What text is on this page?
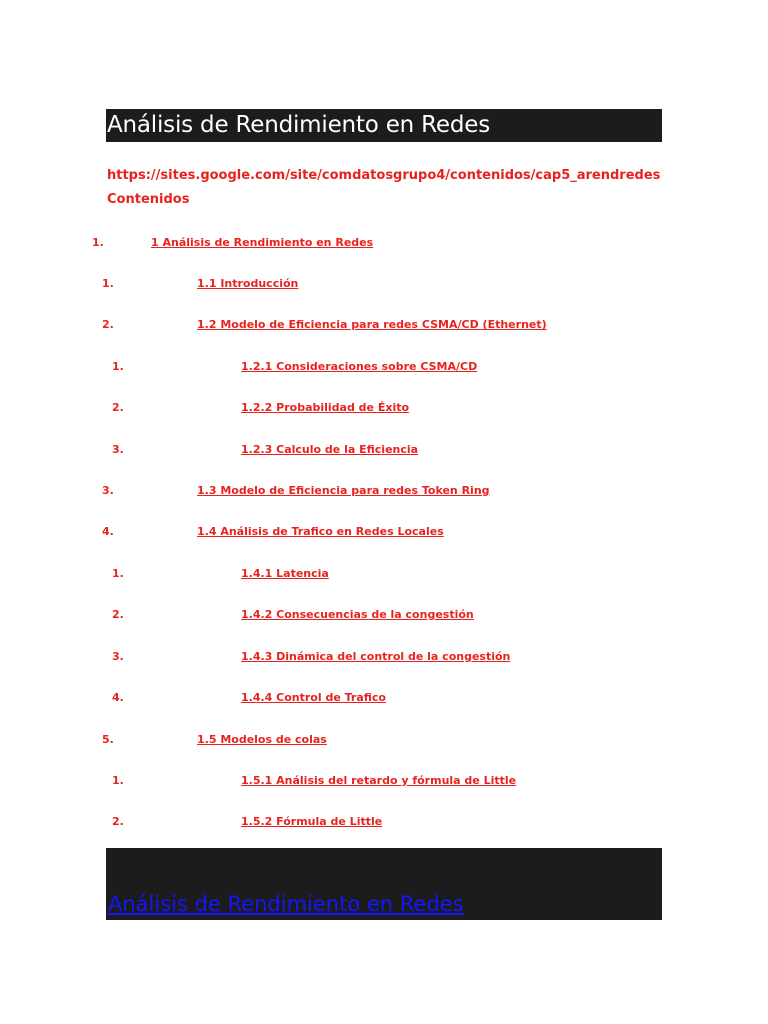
Análisis de Rendimiento en Redes
https://sites.google.com/site/comdatosgrupo4/contenidos/cap5_arendredes
Contenidos
1.	1 Análisis de Rendimiento en Redes
1.	1.1 Introducción
2.	1.2 Modelo de Eficiencia para redes CSMA/CD (Ethernet)
1.	1.2.1 Consideraciones sobre CSMA/CD
2.	1.2.2 Probabilidad de Éxito
3.	1.2.3 Calculo de la Eficiencia
3.	1.3 Modelo de Eficiencia para redes Token Ring
4.	1.4 Análisis de Trafico en Redes Locales
1.	1.4.1 Latencia
2.	1.4.2 Consecuencias de la congestión
3.	1.4.3 Dinámica del control de la congestión
4.	1.4.4 Control de Trafico
5.	1.5 Modelos de colas
1.	1.5.1 Análisis del retardo y fórmula de Little
2.	1.5.2 Fórmula de Little
Análisis de Rendimiento en Redes
